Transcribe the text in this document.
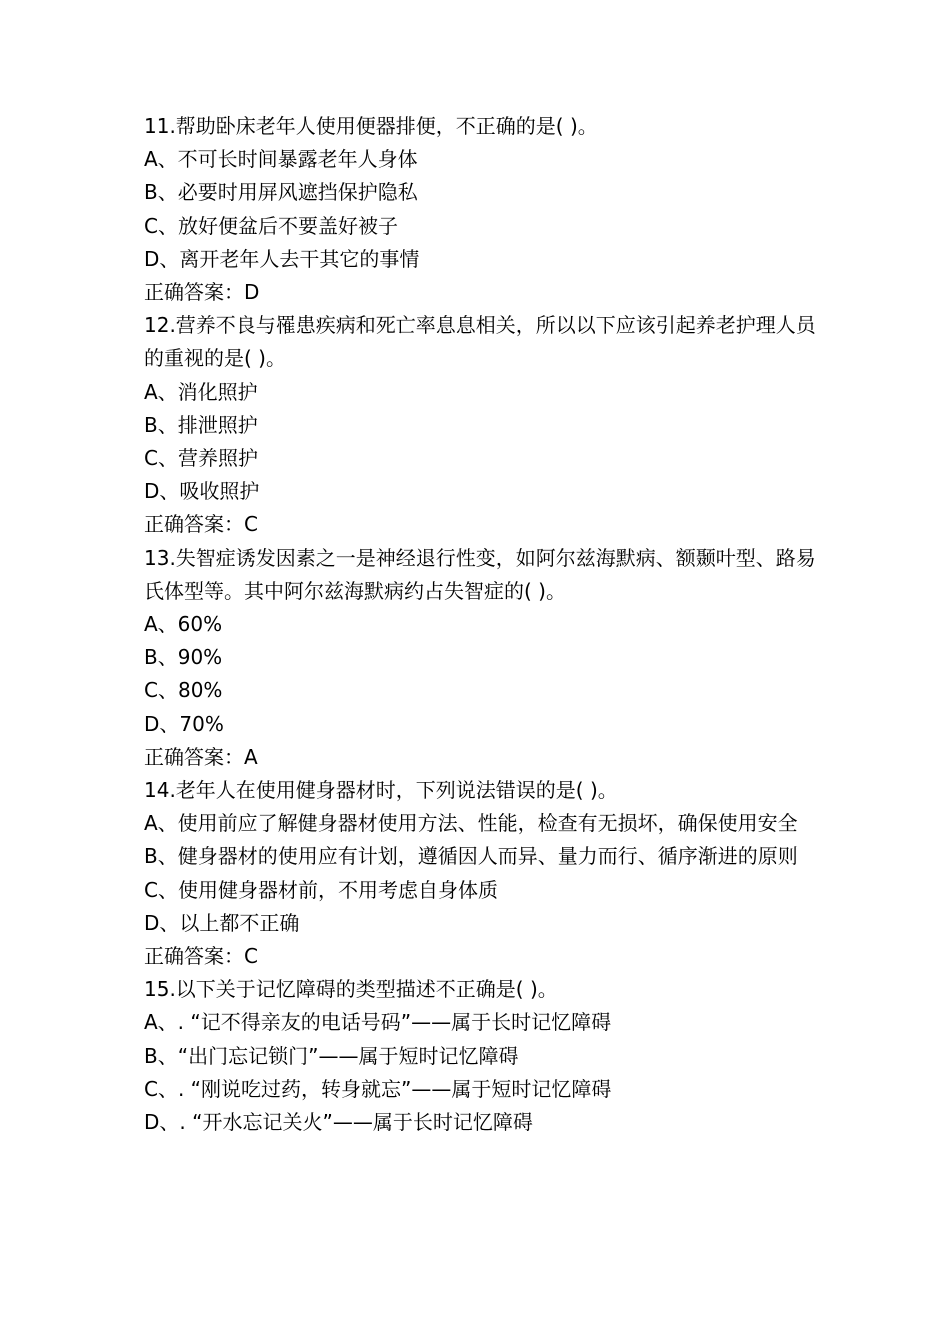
11.帮助卧床老年人使用便器排便，不正确的是( )。
A、不可长时间暴露老年人身体
B、必要时用屏风遮挡保护隐私
C、放好便盆后不要盖好被子
D、离开老年人去干其它的事情
正确答案：D
12.营养不良与罹患疾病和死亡率息息相关，所以以下应该引起养老护理人员的重视的是( )。
A、消化照护
B、排泄照护
C、营养照护
D、吸收照护
正确答案：C
13.失智症诱发因素之一是神经退行性变，如阿尔兹海默病、额颞叶型、路易氏体型等。其中阿尔兹海默病约占失智症的( )。
A、60%
B、90%
C、80%
D、70%
正确答案：A
14.老年人在使用健身器材时，下列说法错误的是( )。
A、使用前应了解健身器材使用方法、性能，检查有无损坏，确保使用安全
B、健身器材的使用应有计划，遵循因人而异、量力而行、循序渐进的原则
C、使用健身器材前，不用考虑自身体质
D、以上都不正确
正确答案：C
15.以下关于记忆障碍的类型描述不正确是( )。
A、. “记不得亲友的电话号码”——属于长时记忆障碍
B、“出门忘记锁门”——属于短时记忆障碍
C、. “刚说吃过药，转身就忘”——属于短时记忆障碍
D、. “开水忘记关火”——属于长时记忆障碍
